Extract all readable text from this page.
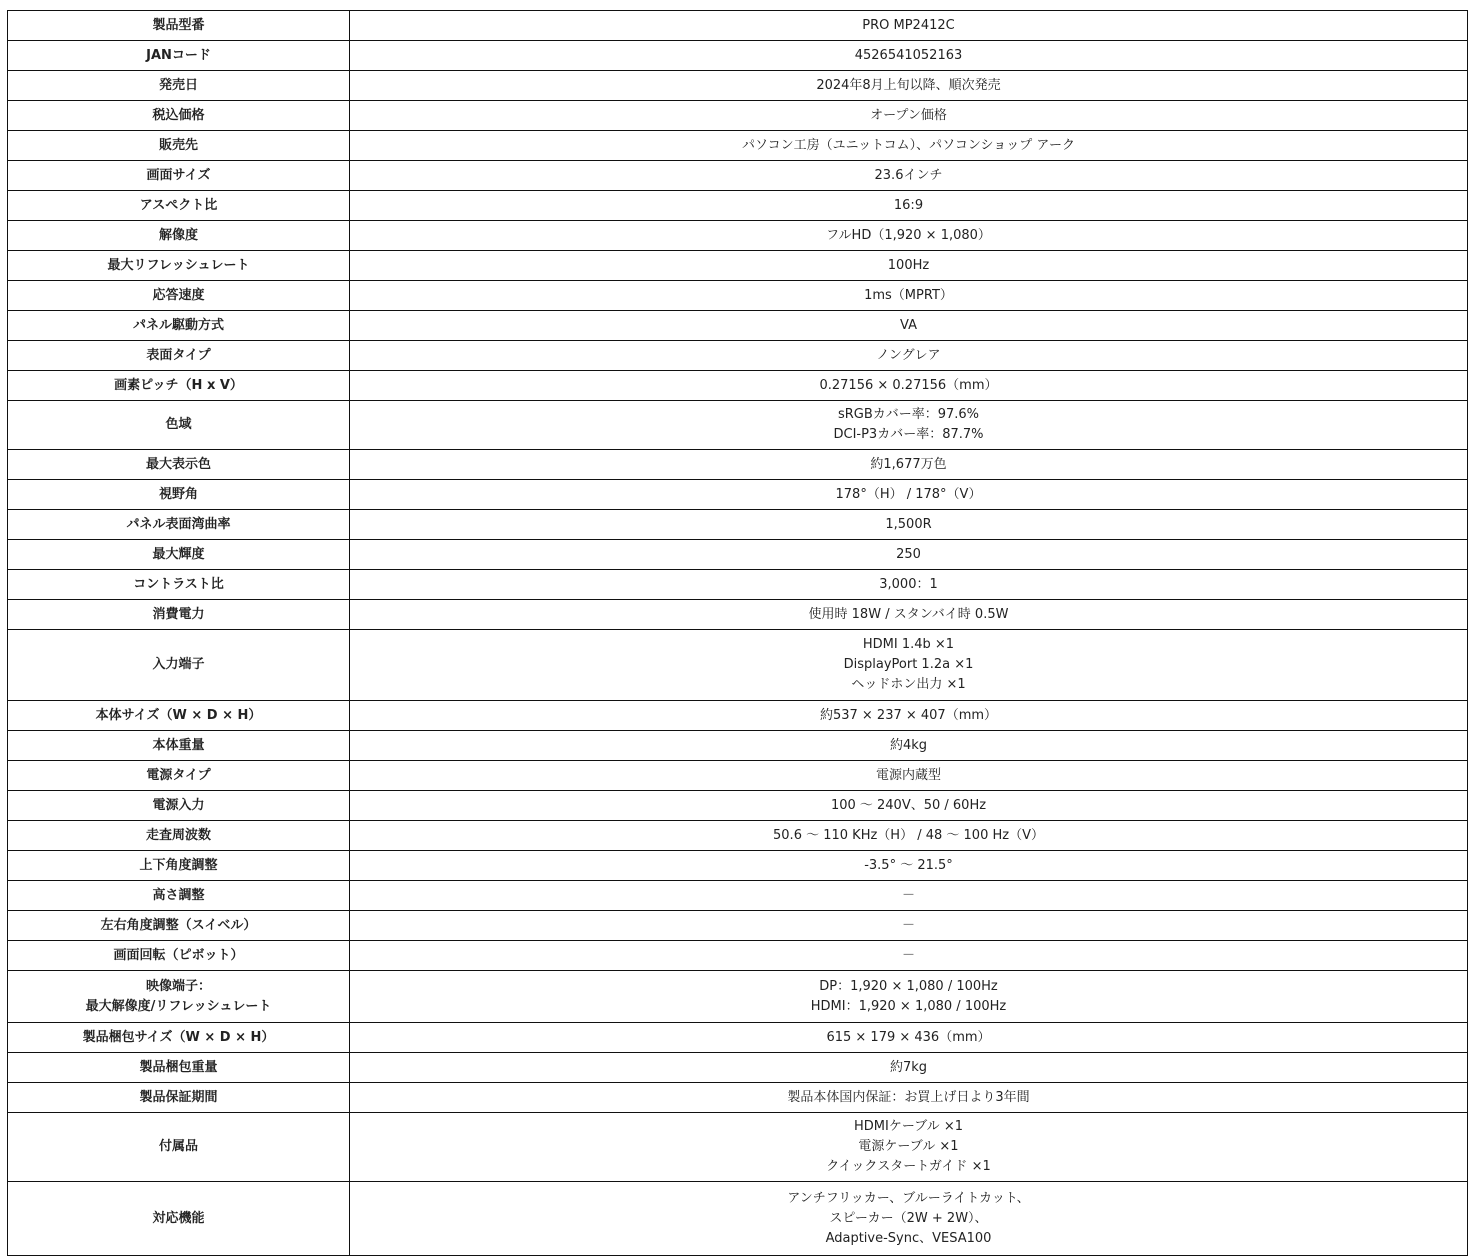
製品型番	PRO MP2412C

JANコード	4526541052163

発売日	2024年8月上旬以降、順次発売

税込価格	オープン価格

販売先	パソコン工房（ユニットコム）、パソコンショップ アーク

画面サイズ	23.6インチ

アスペクト比	16:9

解像度	フルHD（1,920 × 1,080）

最大リフレッシュレート	100Hz

応答速度	1ms（MPRT）

パネル駆動方式	VA

表面タイプ	ノングレア

画素ピッチ（H x V）	0.27156 × 0.27156（mm）

色域	sRGBカバー率：97.6%
DCI-P3カバー率：87.7%

最大表示色	約1,677万色

視野角	178°（H） / 178°（V）

パネル表面湾曲率	1,500R

最大輝度	250

コントラスト比	3,000：1

消費電力	使用時 18W / スタンバイ時 0.5W

入力端子	HDMI 1.4b ×1
DisplayPort 1.2a ×1
ヘッドホン出力 ×1

本体サイズ（W × D × H）	約537 × 237 × 407（mm）

本体重量	約4kg

電源タイプ	電源内蔵型

電源入力	100 ～ 240V、50 / 60Hz

走査周波数	50.6 ～ 110 KHz（H） / 48 ～ 100 Hz（V）

上下角度調整	-3.5° ～ 21.5°

高さ調整	－

左右角度調整（スイベル）	－

画面回転（ピボット）	－

映像端子：
最大解像度/リフレッシュレート	DP：1,920 × 1,080 / 100Hz
HDMI：1,920 × 1,080 / 100Hz

製品梱包サイズ（W × D × H）	615 × 179 × 436（mm）

製品梱包重量	約7kg

製品保証期間	製品本体国内保証：お買上げ日より3年間

付属品	HDMIケーブル ×1
電源ケーブル ×1
クイックスタートガイド ×1

対応機能	アンチフリッカー、ブルーライトカット、
スピーカー（2W + 2W）、
Adaptive-Sync、VESA100
